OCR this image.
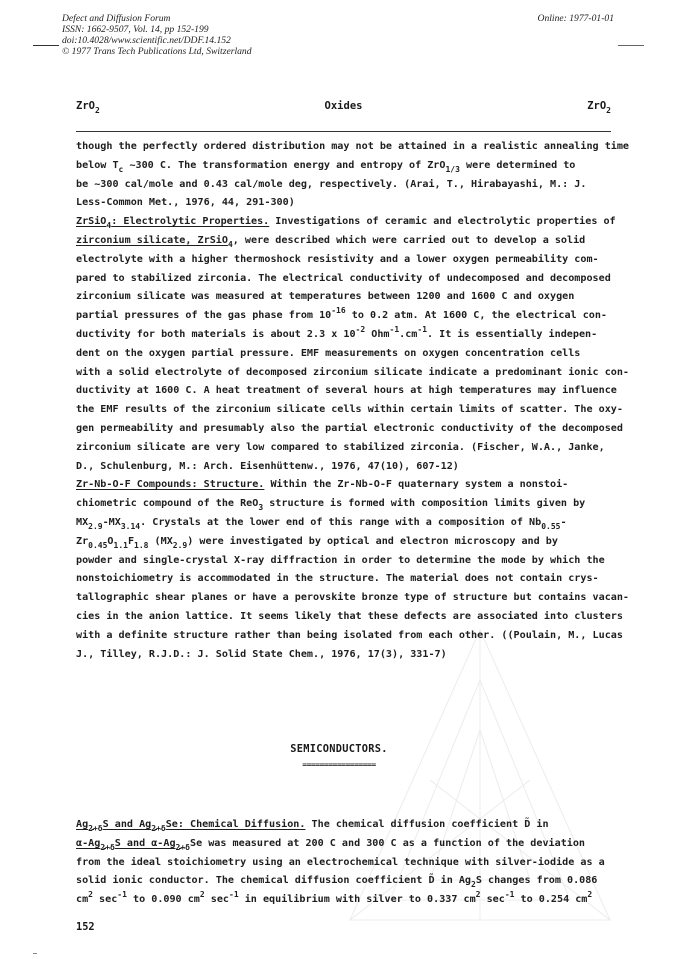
Defect and Diffusion Forum
ISSN: 1662-9507, Vol. 14, pp 152-199
doi:10.4028/www.scientific.net/DDF.14.152
© 1977 Trans Tech Publications Ltd, Switzerland
Online: 1977-01-01
ZrO$_2$	Oxides	ZrO$_2$
though the perfectly ordered distribution may not be attained in a realistic annealing time
below $T_c$ ~300 C. The transformation energy and entropy of ZrO$_{1/3}$ were determined to
be ~300 cal/mole and 0.43 cal/mole deg, respectively. (Arai, T., Hirabayashi, M.: J.
Less-Common Met., 1976, 44, 291-300)
ZrSiO$_4$: Electrolytic Properties. Investigations of ceramic and electrolytic properties of
zirconium silicate, ZrSiO$_4$, were described which were carried out to develop a solid
electrolyte with a higher thermoshock resistivity and a lower oxygen permeability com-
pared to stabilized zirconia. The electrical conductivity of undecomposed and decomposed
zirconium silicate was measured at temperatures between 1200 and 1600 C and oxygen
partial pressures of the gas phase from $10^{-16}$ to 0.2 atm. At 1600 C, the electrical con-
ductivity for both materials is about 2.3 x $10^{-2}$ $Ohm^{-1}.cm^{-1}$. It is essentially indepen-
dent on the oxygen partial pressure. EMF measurements on oxygen concentration cells
with a solid electrolyte of decomposed zirconium silicate indicate a predominant ionic con-
ductivity at 1600 C. A heat treatment of several hours at high temperatures may influence
the EMF results of the zirconium silicate cells within certain limits of scatter. The oxy-
gen permeability and presumably also the partial electronic conductivity of the decomposed
zirconium silicate are very low compared to stabilized zirconia. (Fischer, W.A., Janke,
D., Schulenburg, M.: Arch. Eisenhüttenw., 1976, 47(10), 607-12)
Zr-Nb-O-F Compounds: Structure. Within the Zr-Nb-O-F quaternary system a nonstoi-
chiometric compound of the ReO$_3$ structure is formed with composition limits given by
$MX_{2.9}-MX_{3.14}$. Crystals at the lower end of this range with a composition of $Nb_{0.55}-$
$Zr_{0.45}O_{1.1}F_{1.8}$ $(MX_{2.9})$ were investigated by optical and electron microscopy and by
powder and single-crystal X-ray diffraction in order to determine the mode by which the
nonstoichiometry is accommodated in the structure. The material does not contain crys-
tallographic shear planes or have a perovskite bronze type of structure but contains vacan-
cies in the anion lattice. It seems likely that these defects are associated into clusters
with a definite structure rather than being isolated from each other. ((Poulain, M., Lucas
J., Tilley, R.J.D.: J. Solid State Chem., 1976, 17(3), 331-7)
SEMICONDUCTORS.
=================
$Ag_{2+\delta}S$ and $Ag_{2+\delta}Se$: Chemical Diffusion. The chemical diffusion coefficient D̃ in
$\alpha-Ag_{2+\delta}S$ and $\alpha-Ag_{2+\delta}Se$ was measured at 200 C and 300 C as a function of the deviation
from the ideal stoichiometry using an electrochemical technique with silver-iodide as a
solid ionic conductor. The chemical diffusion coefficient D̃ in $Ag_2S$ changes from 0.086
$cm^2$ $\sec^{-1}$ to 0.090 $cm^2$ $\sec^{-1}$ in equilibrium with silver to 0.337 $cm^2$ $\sec^{-1}$ to 0.254 $cm^2$
152
